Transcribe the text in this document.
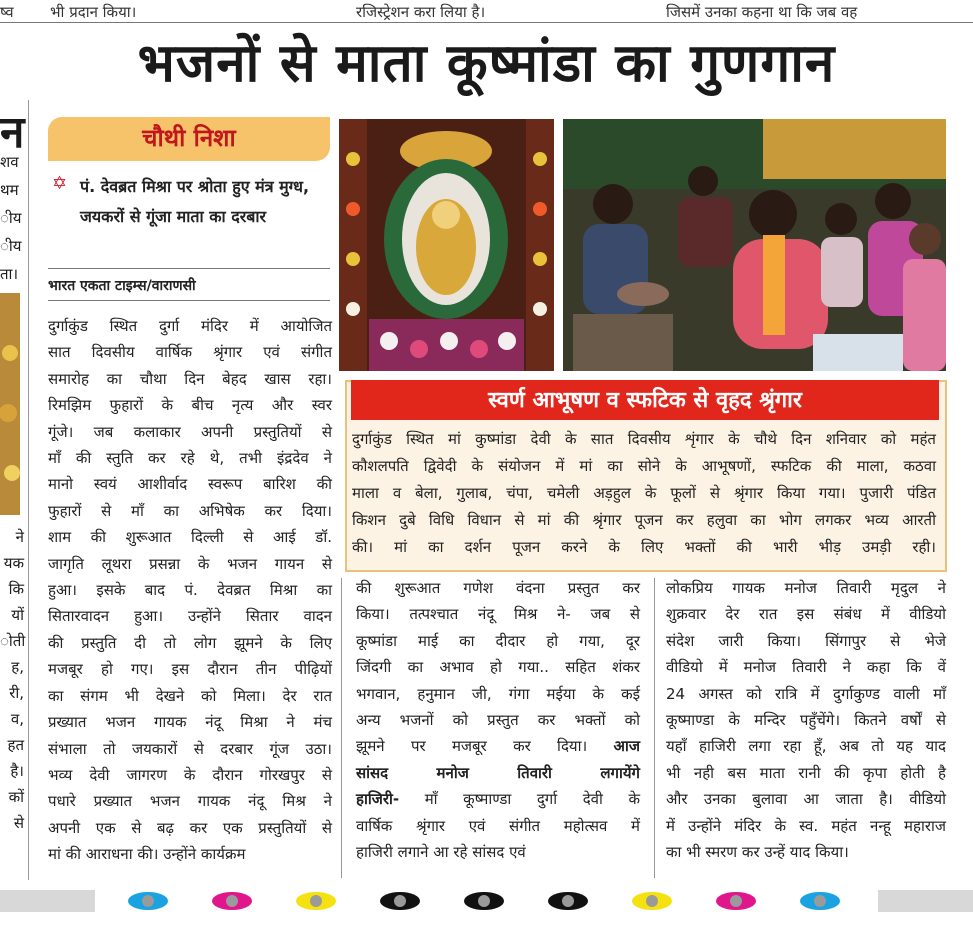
ष्व भी प्रदान किया।	रजिस्ट्रेशन करा लिया है।	जिसमें उनका कहना था कि जब वह
भजनों से माता कूष्मांडा का गुणगान
न
शव
थम
ीय
ीय
ता।
ने
यक
कि
यों
ोती
ह,
री,
व,
हत
है।
कों
से
चौथी निशा
✡ पं. देवब्रत मिश्रा पर श्रोता हुए मंत्र मुग्ध, जयकरों से गूंजा माता का दरबार
भारत एकता टाइम्स/वाराणसी
दुर्गाकुंड स्थित दुर्गा मंदिर में आयोजित
सात दिवसीय वार्षिक श्रृंगार एवं संगीत
समारोह का चौथा दिन बेहद खास रहा।
रिमझिम फुहारों के बीच नृत्य और स्वर
गूंजे। जब कलाकार अपनी प्रस्तुतियों से
माँ की स्तुति कर रहे थे, तभी इंद्रदेव ने
मानो स्वयं आशीर्वाद स्वरूप बारिश की
फुहारों से माँ का अभिषेक कर दिया।
शाम की शुरूआत दिल्ली से आई डॉ.
जागृति लूथरा प्रसन्ना के भजन गायन से
हुआ। इसके बाद पं. देवब्रत मिश्रा का
सितारवादन हुआ। उन्होंने सितार वादन
की प्रस्तुति दी तो लोग झूमने के लिए
मजबूर हो गए। इस दौरान तीन पीढ़ियों
का संगम भी देखने को मिला। देर रात
प्रख्यात भजन गायक नंदू मिश्रा ने मंच
संभाला तो जयकारों से दरबार गूंज उठा।
भव्य देवी जागरण के दौरान गोरखपुर से
पधारे प्रख्यात भजन गायक नंदू मिश्र ने
अपनी एक से बढ़ कर एक प्रस्तुतियों से
मां की आराधना की। उन्होंने कार्यक्रम
स्वर्ण आभूषण व स्फटिक से वृहद श्रृंगार
दुर्गाकुंड स्थित मां कुष्मांडा देवी के सात दिवसीय शृंगार के चौथे दिन शनिवार को महंत
कौशलपति द्विवेदी के संयोजन में मां का सोने के आभूषणों, स्फटिक की माला, कठवा
माला व बेला, गुलाब, चंपा, चमेली अड़हुल के फूलों से श्रृंगार किया गया। पुजारी पंडित
किशन दुबे विधि विधान से मां की श्रृंगार पूजन कर हलुवा का भोग लगकर भव्य आरती
की। मां का दर्शन पूजन करने के लिए भक्तों की भारी भीड़ उमड़ी रही।
की शुरूआत गणेश वंदना प्रस्तुत कर
किया। तत्पश्चात नंदू मिश्र ने- जब से
कूष्मांडा माई का दीदार हो गया, दूर
जिंदगी का अभाव हो गया.. सहित शंकर
भगवान, हनुमान जी, गंगा मईया के कई
अन्य भजनों को प्रस्तुत कर भक्तों को
झूमने पर मजबूर कर दिया। आज
सांसद मनोज तिवारी लगायेंगे
हाजिरी- माँ कूष्माण्डा दुर्गा देवी के
वार्षिक श्रृंगार एवं संगीत महोत्सव में
हाजिरी लगाने आ रहे सांसद एवं
लोकप्रिय गायक मनोज तिवारी मृदुल ने
शुक्रवार देर रात इस संबंध में वीडियो
संदेश जारी किया। सिंगापुर से भेजे
वीडियो में मनोज तिवारी ने कहा कि वें
24 अगस्त को रात्रि में दुर्गाकुण्ड वाली माँ
कूष्माण्डा के मन्दिर पहुँचेंगे। कितने वर्षों से
यहाँ हाजिरी लगा रहा हूँ, अब तो यह याद
भी नही बस माता रानी की कृपा होती है
और उनका बुलावा आ जाता है। वीडियो
में उन्होंने मंदिर के स्व. महंत नन्हू महाराज
का भी स्मरण कर उन्हें याद किया।
